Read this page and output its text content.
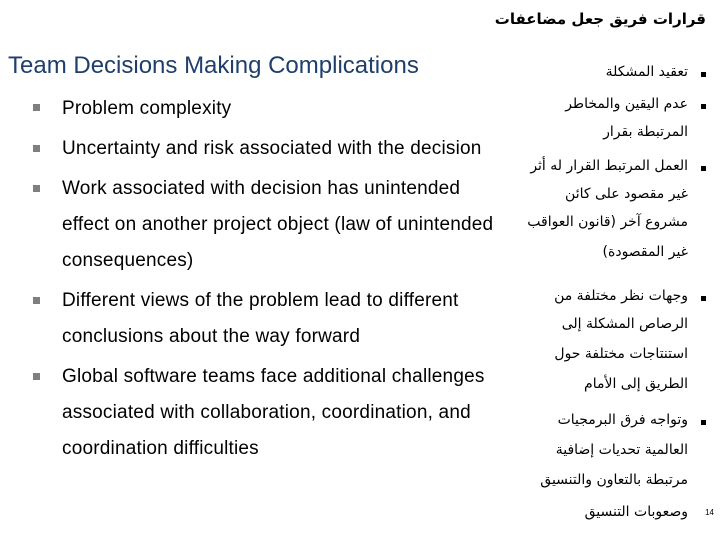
قرارات فريق جعل مضاعفات
Team Decisions Making Complications
Problem complexity
Uncertainty and risk associated with the decision
Work associated with decision has unintended
effect on another project object (law of unintended
consequences)
Different views of the problem lead to different
conclusions about the way forward
Global software teams face additional challenges
associated with collaboration, coordination, and
coordination difficulties
تعقيد المشكلة
عدم اليقين والمخاطر
المرتبطة بقرار
العمل المرتبط القرار له أثر
غير مقصود على كائن
مشروع آخر (قانون العواقب
غير المقصودة)
وجهات نظر مختلفة من
الرصاص المشكلة إلى
استنتاجات مختلفة حول
الطريق إلى الأمام
وتواجه فرق البرمجيات
العالمية تحديات إضافية
مرتبطة بالتعاون والتنسيق
وصعوبات التنسيق 14
